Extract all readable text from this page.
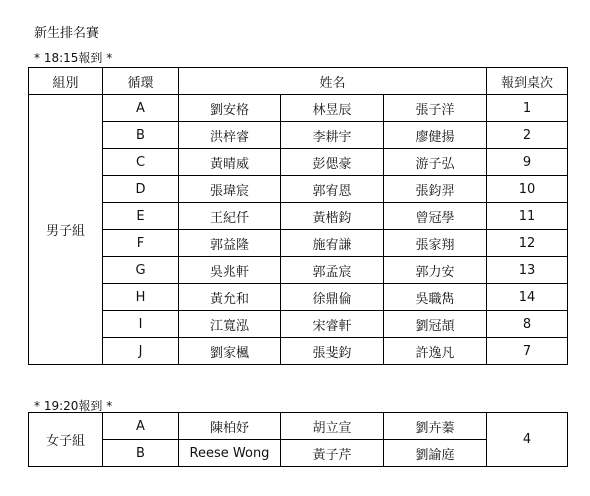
新生排名賽
* 18:15報到 *
組別	循環	姓名			報到桌次
男子組	A	劉安格	林昱辰	張子洋	1
	B	洪梓睿	李耕宇	廖健揚	2
	C	黃晴威	彭偲豪	游子弘	9
	D	張瑋宸	郭宥恩	張鈞羿	10
	E	王紀仟	黃楷鈞	曾冠學	11
	F	郭益隆	施宥謙	張家翔	12
	G	吳兆軒	郭孟宸	郭力安	13
	H	黃允和	徐鼎倫	吳職雋	14
	I	江寬泓	宋睿軒	劉冠頡	8
	J	劉家楓	張斐鈞	許逸凡	7
* 19:20報到 *
女子組	A	陳柏妤	胡立宣	劉卉蓁	4
	B	Reese Wong	黃子芹	劉諭庭	
